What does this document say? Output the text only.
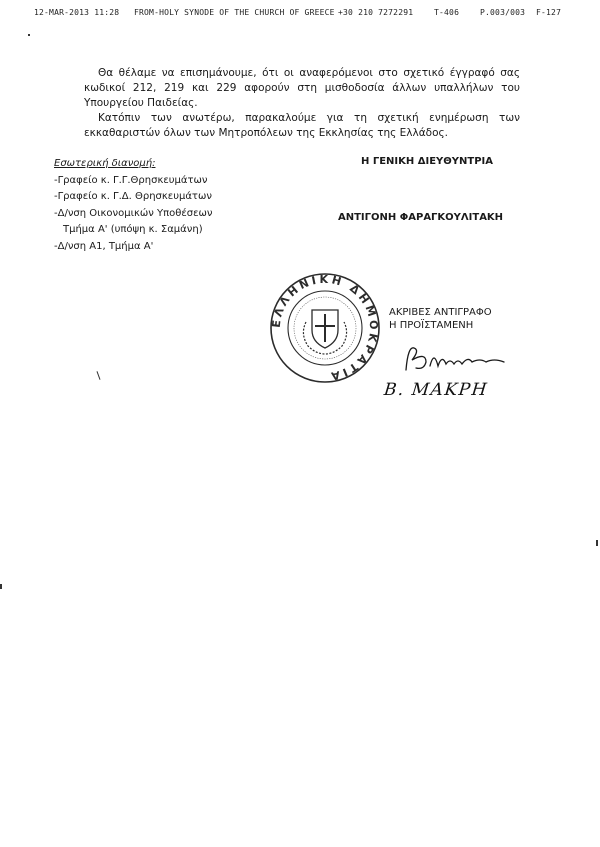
12-MAR-2013 11:28 FROM-HOLY SYNODE OF THE CHURCH OF GREECE +30 210 7272291	T-406	P.003/003 F-127
Θα θέλαμε να επισημάνουμε, ότι οι αναφερόμενοι στο σχετικό έγγραφό σας κωδικοί 212, 219 και 229 αφορούν στη μισθοδοσία άλλων υπαλλήλων του Υπουργείου Παιδείας.
Κατόπιν των ανωτέρω, παρακαλούμε για τη σχετική ενημέρωση των εκκαθαριστών όλων των Μητροπόλεων της Εκκλησίας της Ελλάδος.
Εσωτερική διανομή:
-Γραφείο κ. Γ.Γ.Θρησκευμάτων
-Γραφείο κ. Γ.Δ. Θρησκευμάτων
-Δ/νση Οικονομικών Υποθέσεων
Τμήμα Α' (υπόψη κ. Σαμάνη)
-Δ/νση Α1, Τμήμα Α'
Η ΓΕΝΙΚΗ ΔΙΕΥΘΥΝΤΡΙΑ
ΑΝΤΙΓΟΝΗ ΦΑΡΑΓΚΟΥΛΙΤΑΚΗ
ΕΛΛΗΝΙΚΗ ΔΗΜΟΚΡΑΤΙΑ
ΑΚΡΙΒΕΣ ΑΝΤΙΓΡΑΦΟ
Η ΠΡΟΪΣΤΑΜΕΝΗ
Β. ΜΑΚΡΗ
